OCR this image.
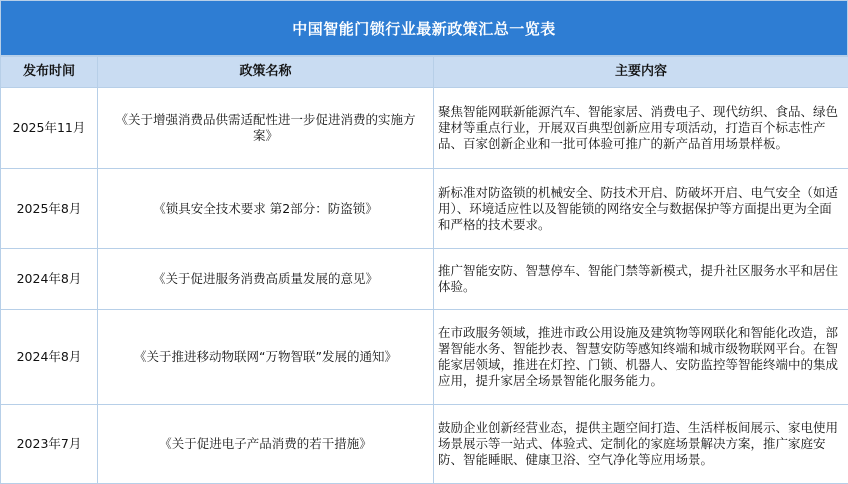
中国智能门锁行业最新政策汇总一览表
发布时间	政策名称	主要内容
2025年11月	《关于增强消费品供需适配性进一步促进消费的实施方案》	聚焦智能网联新能源汽车、智能家居、消费电子、现代纺织、食品、绿色建材等重点行业，开展双百典型创新应用专项活动，打造百个标志性产品、百家创新企业和一批可体验可推广的新产品首用场景样板。
2025年8月	《锁具安全技术要求 第2部分：防盗锁》	新标准对防盗锁的机械安全、防技术开启、防破坏开启、电气安全（如适用）、环境适应性以及智能锁的网络安全与数据保护等方面提出更为全面和严格的技术要求。
2024年8月	《关于促进服务消费高质量发展的意见》	推广智能安防、智慧停车、智能门禁等新模式，提升社区服务水平和居住体验。
2024年8月	《关于推进移动物联网“万物智联”发展的通知》	在市政服务领域，推进市政公用设施及建筑物等网联化和智能化改造，部署智能水务、智能抄表、智慧安防等感知终端和城市级物联网平台。在智能家居领域，推进在灯控、门锁、机器人、安防监控等智能终端中的集成应用，提升家居全场景智能化服务能力。
2023年7月	《关于促进电子产品消费的若干措施》	鼓励企业创新经营业态，提供主题空间打造、生活样板间展示、家电使用场景展示等一站式、体验式、定制化的家庭场景解决方案，推广家庭安防、智能睡眠、健康卫浴、空气净化等应用场景。
